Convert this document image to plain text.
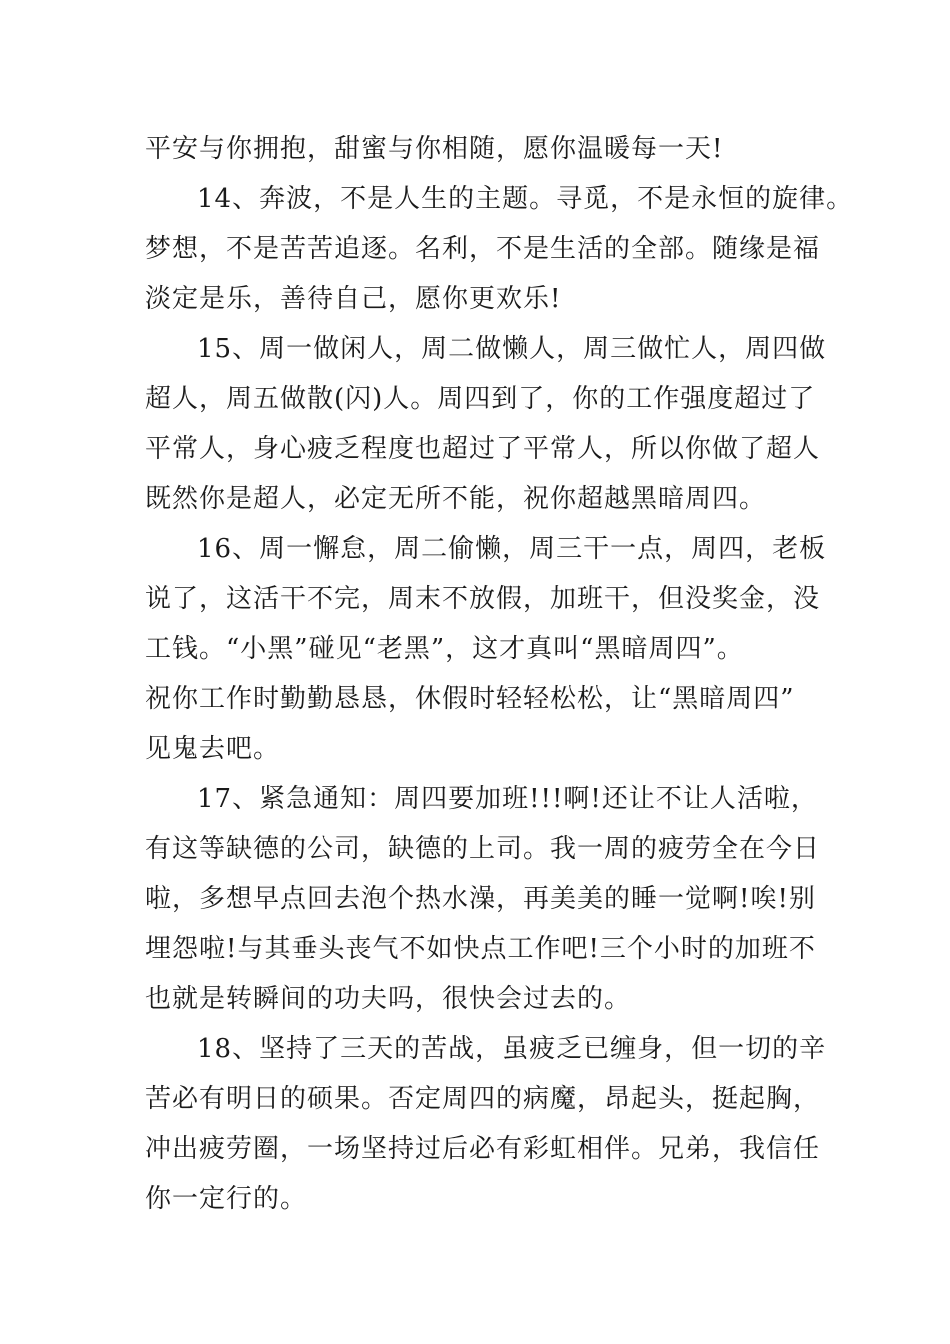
平安与你拥抱，甜蜜与你相随，愿你温暖每一天!
14、奔波，不是人生的主题。寻觅，不是永恒的旋律。
梦想，不是苦苦追逐。名利，不是生活的全部。随缘是福
淡定是乐，善待自己，愿你更欢乐!
15、周一做闲人，周二做懒人，周三做忙人，周四做
超人，周五做散(闪)人。周四到了，你的工作强度超过了
平常人，身心疲乏程度也超过了平常人，所以你做了超人
既然你是超人，必定无所不能，祝你超越黑暗周四。
16、周一懈怠，周二偷懒，周三干一点，周四，老板
说了，这活干不完，周末不放假，加班干，但没奖金，没
工钱。“小黑”碰见“老黑”，这才真叫“黑暗周四”。
祝你工作时勤勤恳恳，休假时轻轻松松，让“黑暗周四”
见鬼去吧。
17、紧急通知：周四要加班!!!啊!还让不让人活啦，
有这等缺德的公司，缺德的上司。我一周的疲劳全在今日
啦，多想早点回去泡个热水澡，再美美的睡一觉啊!唉!别
埋怨啦!与其垂头丧气不如快点工作吧!三个小时的加班不
也就是转瞬间的功夫吗，很快会过去的。
18、坚持了三天的苦战，虽疲乏已缠身，但一切的辛
苦必有明日的硕果。否定周四的病魔，昂起头，挺起胸，
冲出疲劳圈，一场坚持过后必有彩虹相伴。兄弟，我信任
你一定行的。
